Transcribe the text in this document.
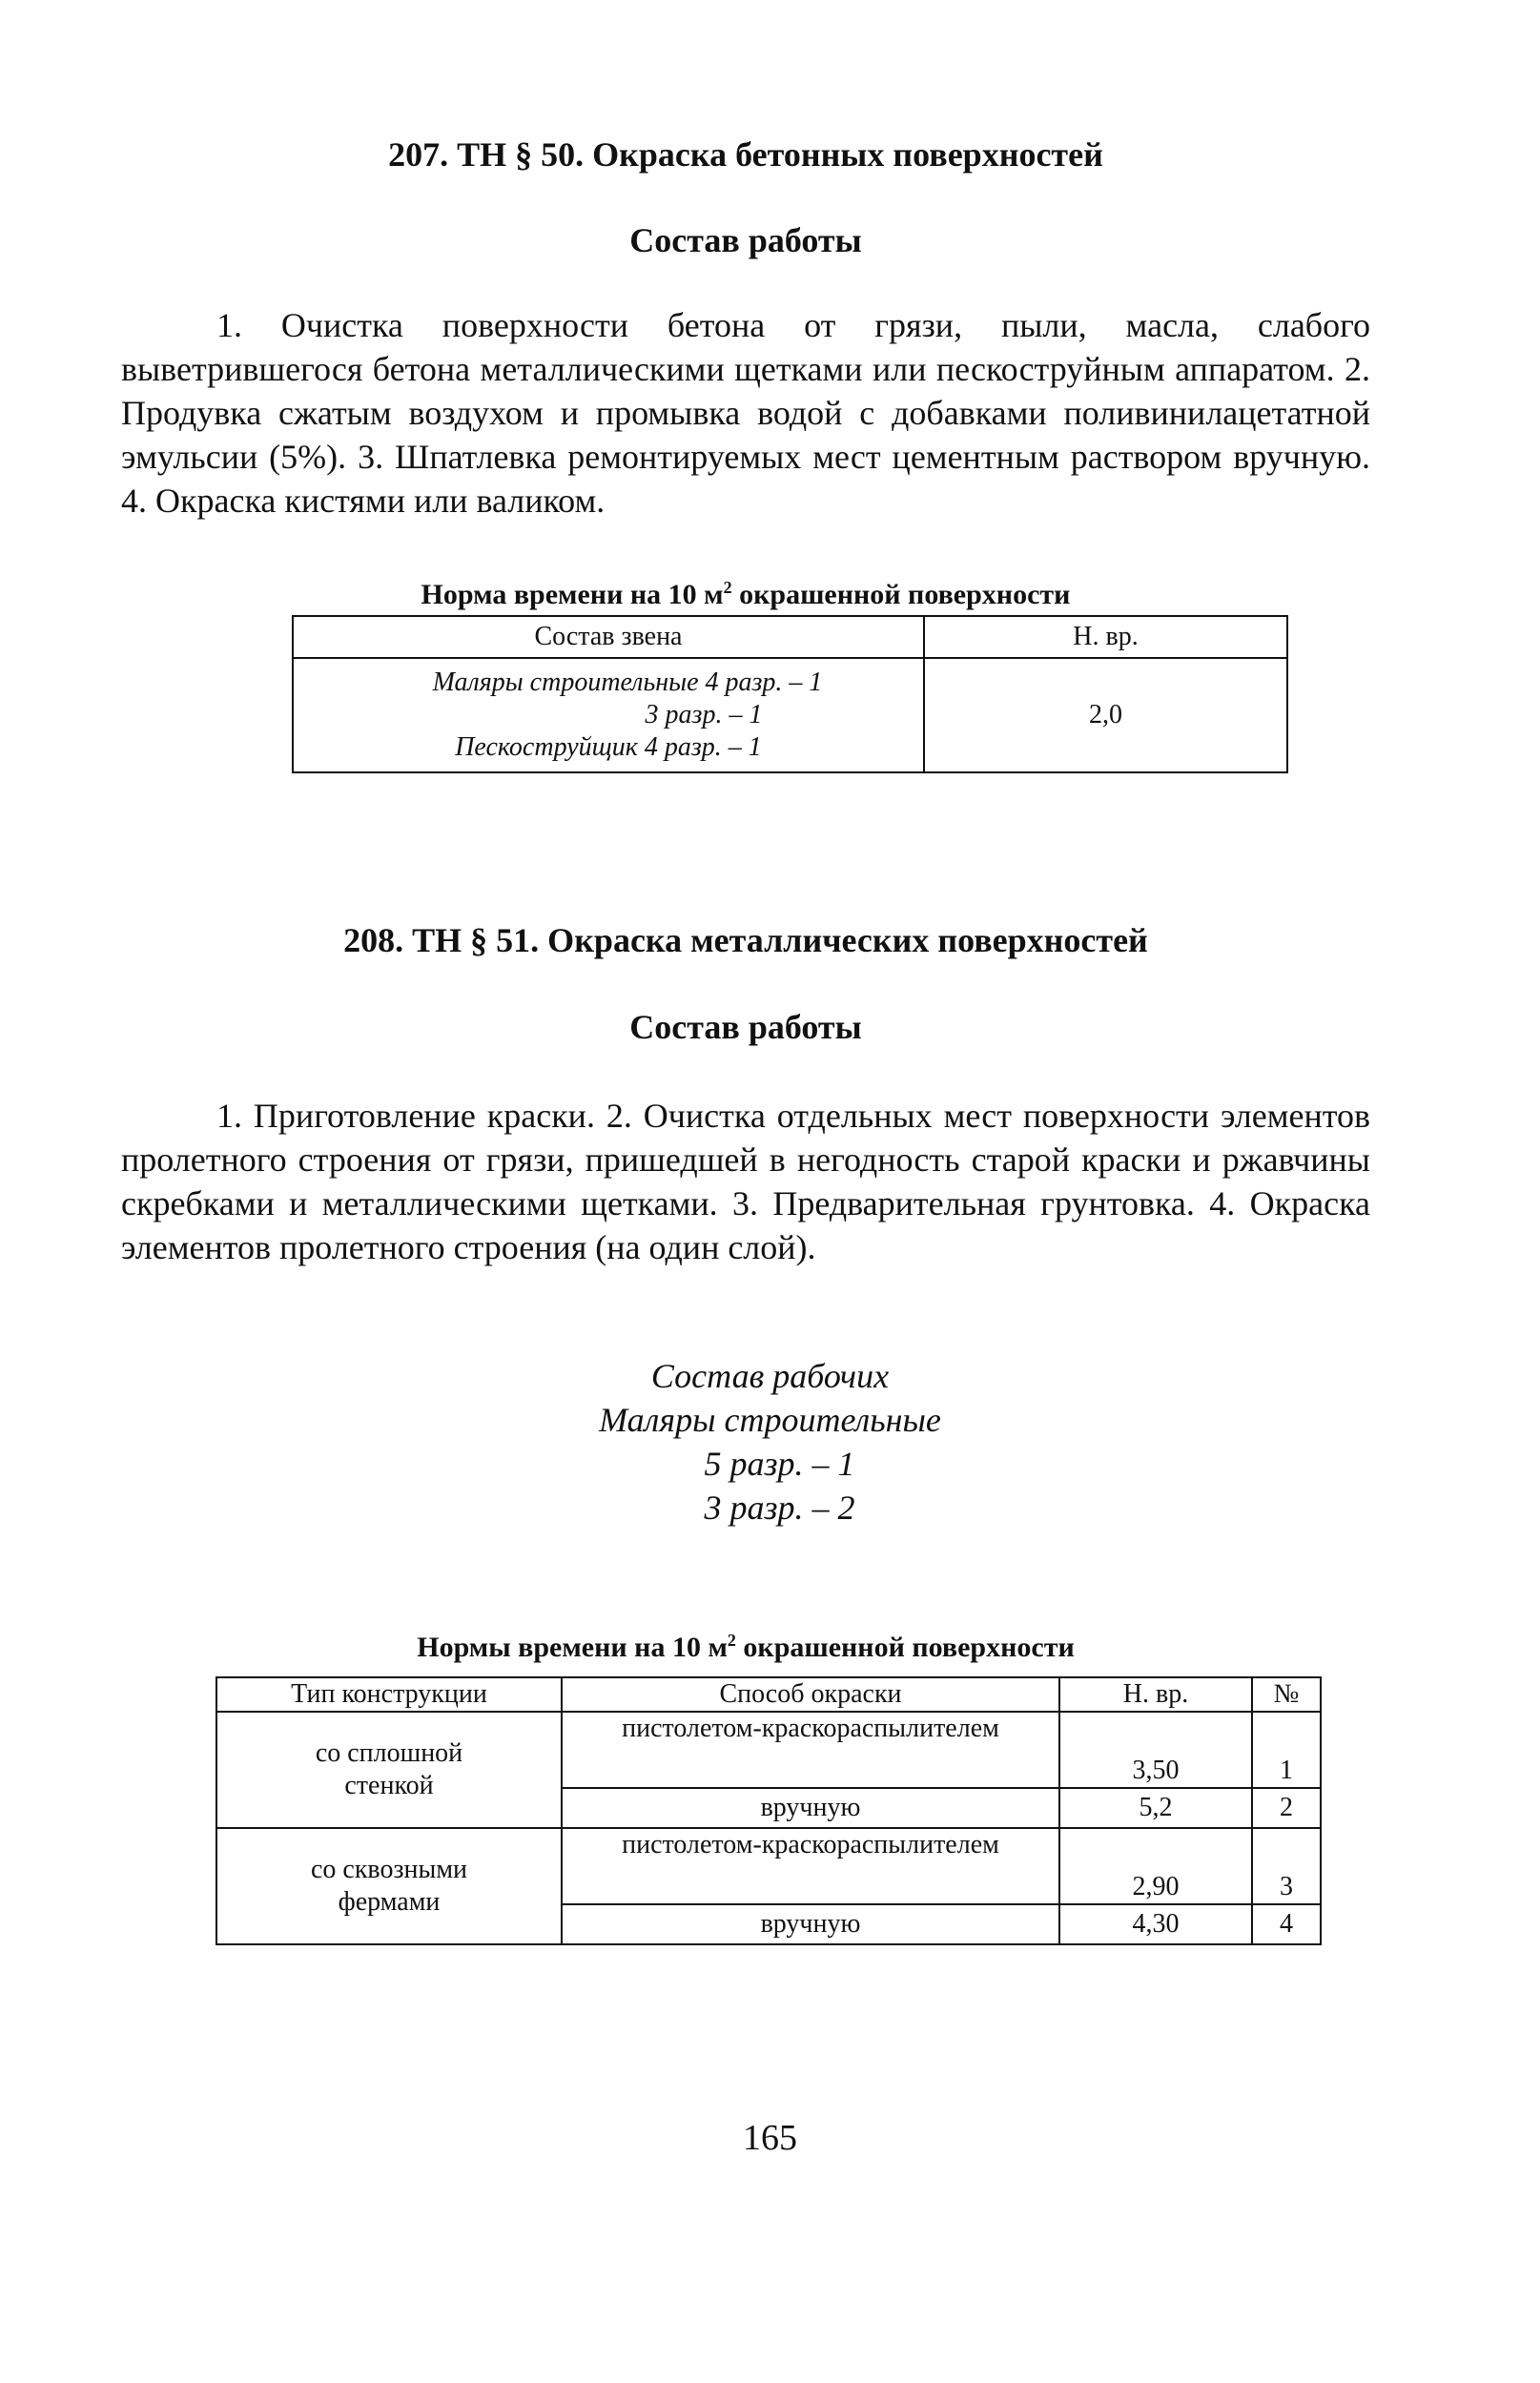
207. ТН § 50. Окраска бетонных поверхностей

Состав работы

1. Очистка поверхности бетона от грязи, пыли, масла, слабого выветрившегося бетона металлическими щетками или пескоструйным аппаратом. 2. Продувка сжатым воздухом и промывка водой с добавками поливинилацетатной эмульсии (5%). 3. Шпатлевка ремонтируемых мест цементным раствором вручную. 4. Окраска кистями или валиком.

Норма времени на 10 $м^2$ окрашенной поверхности

Состав звена	Н. вр.

Маляры строительные 4 разр. – 1
3 разр. – 1
Пескоструйщик 4 разр. – 1	2,0

208. ТН § 51. Окраска металлических поверхностей

Состав работы

1. Приготовление краски. 2. Очистка отдельных мест поверхности элементов пролетного строения от грязи, пришедшей в негодность старой краски и ржавчины скребками и металлическими щетками. 3. Предварительная грунтовка. 4. Окраска элементов пролетного строения (на один слой).

Состав рабочих
Маляры строительные
5 разр. – 1
3 разр. – 2

Нормы времени на 10 $м^2$ окрашенной поверхности

Тип конструкции	Способ окраски	Н. вр.	№
со сплошной стенкой	пистолетом-краскораспылителем	3,50	1
	вручную	5,2	2
со сквозными фермами	пистолетом-краскораспылителем	2,90	3
	вручную	4,30	4
165
